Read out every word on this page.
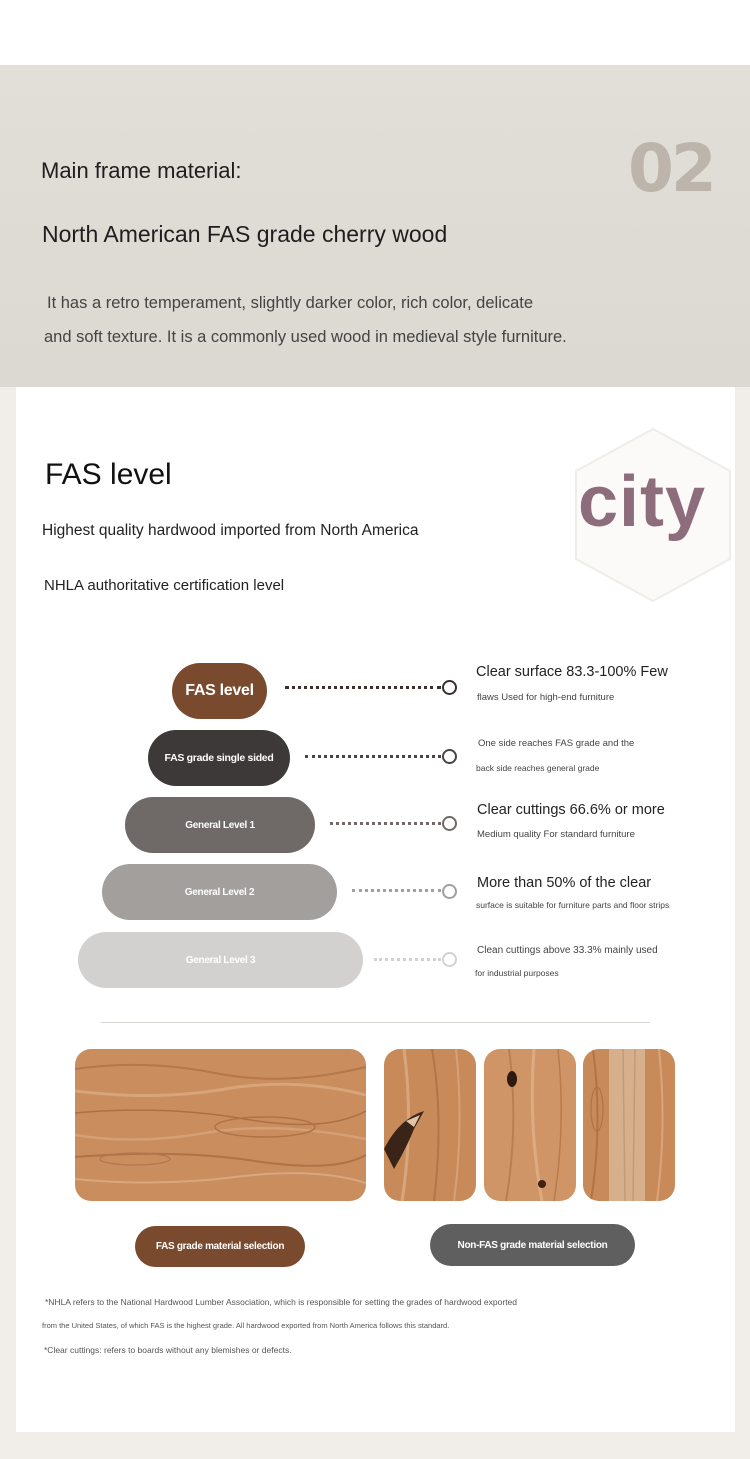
Main frame material:	02
North American FAS grade cherry wood
It has a retro temperament, slightly darker color, rich color, delicate
and soft texture. It is a commonly used wood in medieval style furniture.
FAS level
Highest quality hardwood imported from North America
NHLA authoritative certification level
city
FAS level
Clear surface 83.3-100% Few
flaws Used for high-end furniture
FAS grade single sided
One side reaches FAS grade and the
back side reaches general grade
General Level 1
Clear cuttings 66.6% or more
Medium quality For standard furniture
General Level 2
More than 50% of the clear
surface is suitable for furniture parts and floor strips
General Level 3
Clean cuttings above 33.3% mainly used
for industrial purposes
FAS grade material selection	Non-FAS grade material selection
*NHLA refers to the National Hardwood Lumber Association, which is responsible for setting the grades of hardwood exported
from the United States, of which FAS is the highest grade. All hardwood exported from North America follows this standard.
*Clear cuttings: refers to boards without any blemishes or defects.
